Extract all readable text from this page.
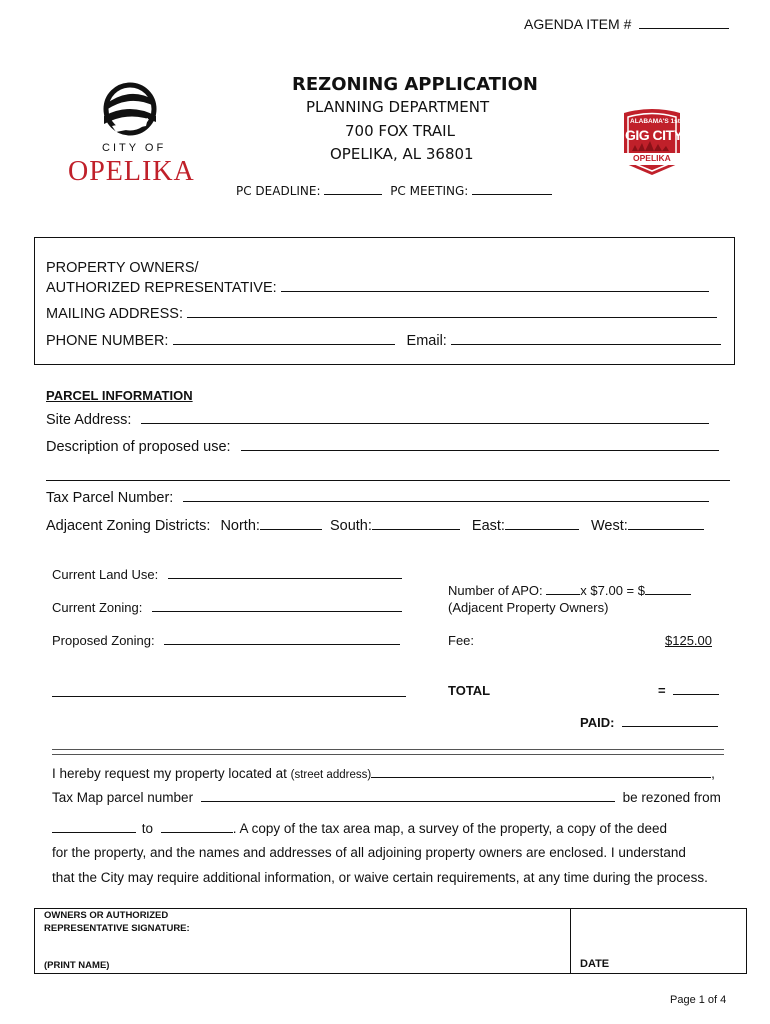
AGENDA ITEM #
CITY OF
OPELIKA
REZONING APPLICATION
PLANNING DEPARTMENT
700 FOX TRAIL
OPELIKA, AL 36801
PC DEADLINE:	PC MEETING:
ALABAMA'S 1st
GIG CITY
OPELIKA
PROPERTY OWNERS/
AUTHORIZED REPRESENTATIVE:
MAILING ADDRESS:
PHONE NUMBER:	Email:
PARCEL INFORMATION
Site Address:
Description of proposed use:
Tax Parcel Number:
Adjacent Zoning Districts: North:	South:	East:	West:
Current Land Use:
Current Zoning:
Proposed Zoning:
Number of APO:	x $7.00 = $
(Adjacent Property Owners)
Fee:	$125.00
TOTAL	=
PAID:
I hereby request my property located at (street address)	,
Tax Map parcel number	be rezoned from
to	. A copy of the tax area map, a survey of the property, a copy of the deed
for the property, and the names and addresses of all adjoining property owners are enclosed. I understand
that the City may require additional information, or waive certain requirements, at any time during the process.
OWNERS OR AUTHORIZED
REPRESENTATIVE SIGNATURE:
(PRINT NAME)	DATE
Page 1 of 4
